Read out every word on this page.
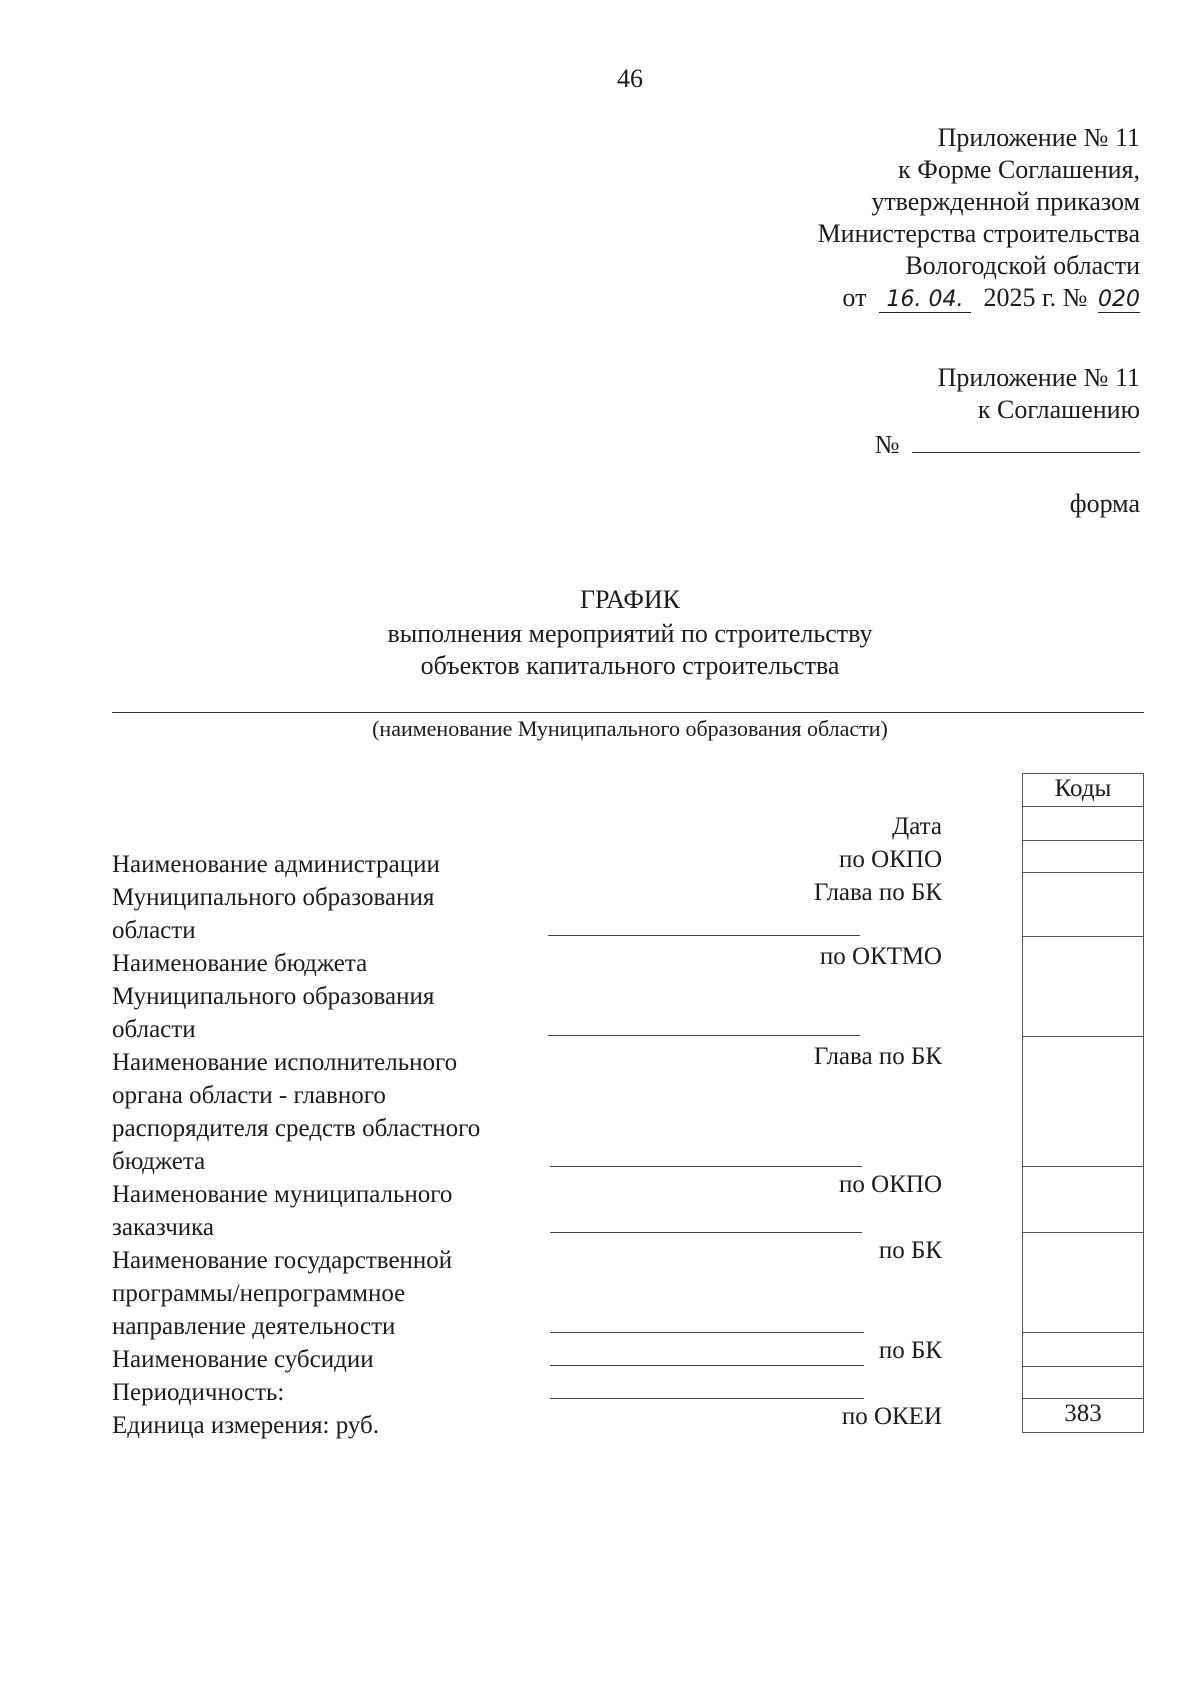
46
Приложение № 11
к Форме Соглашения,
утвержденной приказом
Министерства строительства
Вологодской области
от 16. 04. 2025 г. № 020
Приложение № 11
к Соглашению
№
форма
ГРАФИК
выполнения мероприятий по строительству
объектов капитального строительства
(наименование Муниципального образования области)
Коды
383
Дата
по ОКПО
Глава по БК
по ОКТМО
Глава по БК
по ОКПО
по БК
по БК
по ОКЕИ
Наименование администрации
Муниципального образования
области
Наименование бюджета
Муниципального образования
области
Наименование исполнительного
органа области - главного
распорядителя средств областного
бюджета
Наименование муниципального
заказчика
Наименование государственной
программы/непрограммное
направление деятельности
Наименование субсидии
Периодичность:
Единица измерения: руб.
